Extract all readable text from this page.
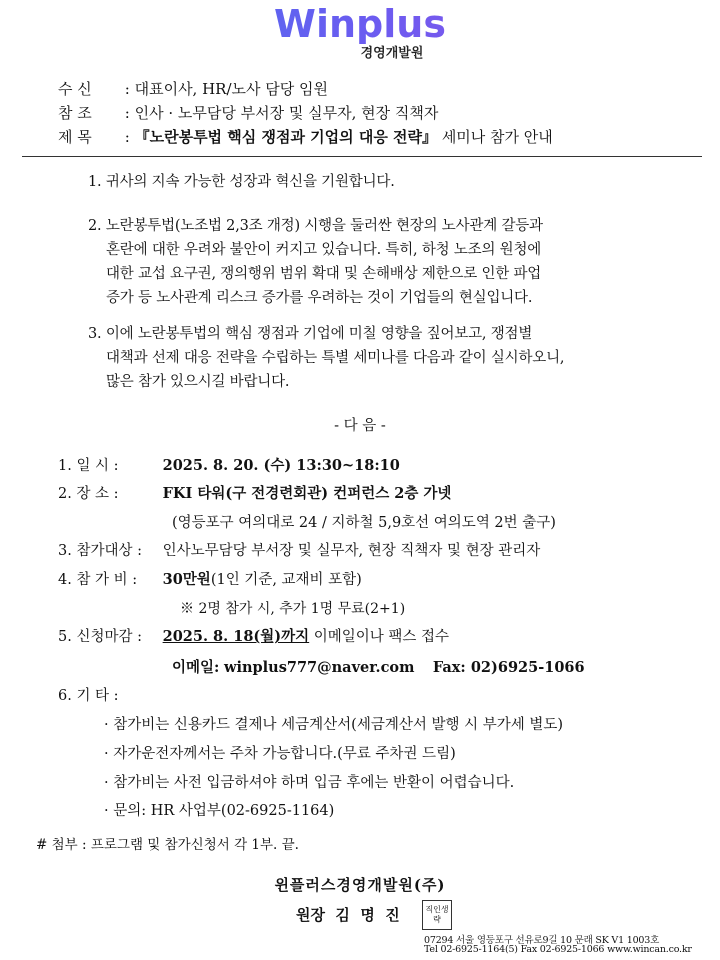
Winplus
경영개발원
수 신 : 대표이사, HR/노사 담당 임원
참 조 : 인사 · 노무담당 부서장 및 실무자, 현장 직책자
제 목 : 『노란봉투법 핵심 쟁점과 기업의 대응 전략』 세미나 참가 안내
1. 귀사의 지속 가능한 성장과 혁신을 기원합니다.
2. 노란봉투법(노조법 2,3조 개정) 시행을 둘러싼 현장의 노사관계 갈등과
혼란에 대한 우려와 불안이 커지고 있습니다. 특히, 하청 노조의 원청에
대한 교섭 요구권, 쟁의행위 범위 확대 및 손해배상 제한으로 인한 파업
증가 등 노사관계 리스크 증가를 우려하는 것이 기업들의 현실입니다.
3. 이에 노란봉투법의 핵심 쟁점과 기업에 미칠 영향을 짚어보고, 쟁점별
대책과 선제 대응 전략을 수립하는 특별 세미나를 다음과 같이 실시하오니,
많은 참가 있으시길 바랍니다.
- 다 음 -
1. 일 시 :	2025. 8. 20. (수) 13:30~18:10
2. 장 소 :	FKI 타워(구 전경련회관) 컨퍼런스 2층 가넷
(영등포구 여의대로 24 / 지하철 5,9호선 여의도역 2번 출구)
3. 참가대상 : 인사노무담당 부서장 및 실무자, 현장 직책자 및 현장 관리자
4. 참 가 비 : 30만원(1인 기준, 교재비 포함)
※ 2명 참가 시, 추가 1명 무료(2+1)
5. 신청마감 : 2025. 8. 18(월)까지 이메일이나 팩스 접수
이메일: winplus777@naver.com Fax: 02)6925-1066
6. 기 타 :
· 참가비는 신용카드 결제나 세금계산서(세금계산서 발행 시 부가세 별도)
· 자가운전자께서는 주차 가능합니다.(무료 주차권 드림)
· 참가비는 사전 입금하셔야 하며 입금 후에는 반환이 어렵습니다.
· 문의: HR 사업부(02-6925-1164)
# 첨부 : 프로그램 및 참가신청서 각 1부. 끝.
윈플러스경영개발원(주)
원장  김  명  진	직인생략
07294 서울 영등포구 선유로9길 10 문래 SK V1 1003호
Tel 02-6925-1164(5) Fax 02-6925-1066 www.wincan.co.kr
